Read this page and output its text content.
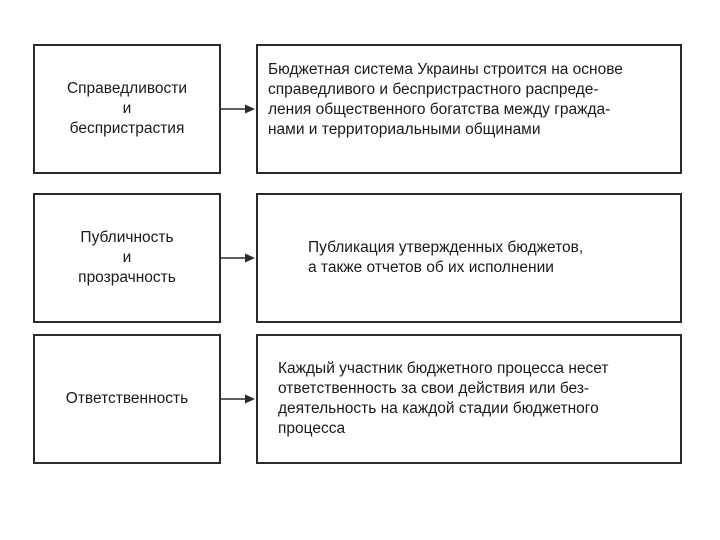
Справедливости
и
беспристрастия
Бюджетная система Украины строится на основе
справедливого и беспристрастного распреде-
ления общественного богатства между гражда-
нами и территориальными общинами
Публичность
и
прозрачность
Публикация утвержденных бюджетов,
а также отчетов об их исполнении
Ответственность
Каждый участник бюджетного процесса несет
ответственность за свои действия или без-
деятельность на каждой стадии бюджетного
процесса
